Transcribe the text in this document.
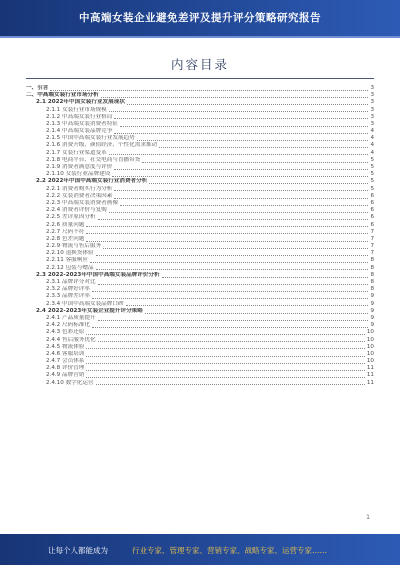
中高端女装企业避免差评及提升评分策略研究报告
内容目录
一、引言	3
二、中高端女装行业市场分析	3
2.1 2022年中国女装行业发展现状	3
2.1.1 女装行业市场规模	3
2.1.2 中高端女装行业格局	3
2.1.3 中高端女装消费者特征	3
2.1.4 中高端女装品牌竞争	4
2.1.5 中国中高端女装行业发展趋势	4
2.1.6 消费升级、颜值经济、个性化需求推动	4
2.1.7 女装行业渠道变革	4
2.1.8 电商平台、社交电商与直播带货	5
2.1.9 消费者满意度与评价	5
2.1.10 女装行业品牌建设	5
2.2 2022年中国中高端女装行业消费者分析	5
2.2.1 消费者购买行为分析	5
2.2.2 女装消费者决策因素	6
2.2.3 中高端女装消费者画像	6
2.2.4 消费者评价与复购	6
2.2.5 差评原因分析	6
2.2.6 质量问题	6
2.2.7 尺码不符	7
2.2.8 色差问题	7
2.2.9 物流与售后服务	7
2.2.10 退换货体验	7
2.2.11 客服响应	8
2.2.12 包装与赠品	8
2.3 2022-2023年中国中高端女装品牌评价分析	8
2.3.1 品牌评分对比	8
2.3.2 品牌好评率	8
2.3.3 品牌差评率	9
2.3.4 中国中高端女装品牌口碑	9
2.4 2022-2023年女装企业提升评分策略	9
2.4.1 产品质量提升	9
2.4.2 尺码标准化	9
2.4.3 色彩还原	10
2.4.4 售后服务优化	10
2.4.5 物流体验	10
2.4.6 客服培训	10
2.4.7 会员体系	10
2.4.8 评价管理	11
2.4.9 品牌营销	11
2.4.10 数字化运营	11
1
让每个人都能成为	行业专家、管理专家、营销专家、战略专家、运营专家……
